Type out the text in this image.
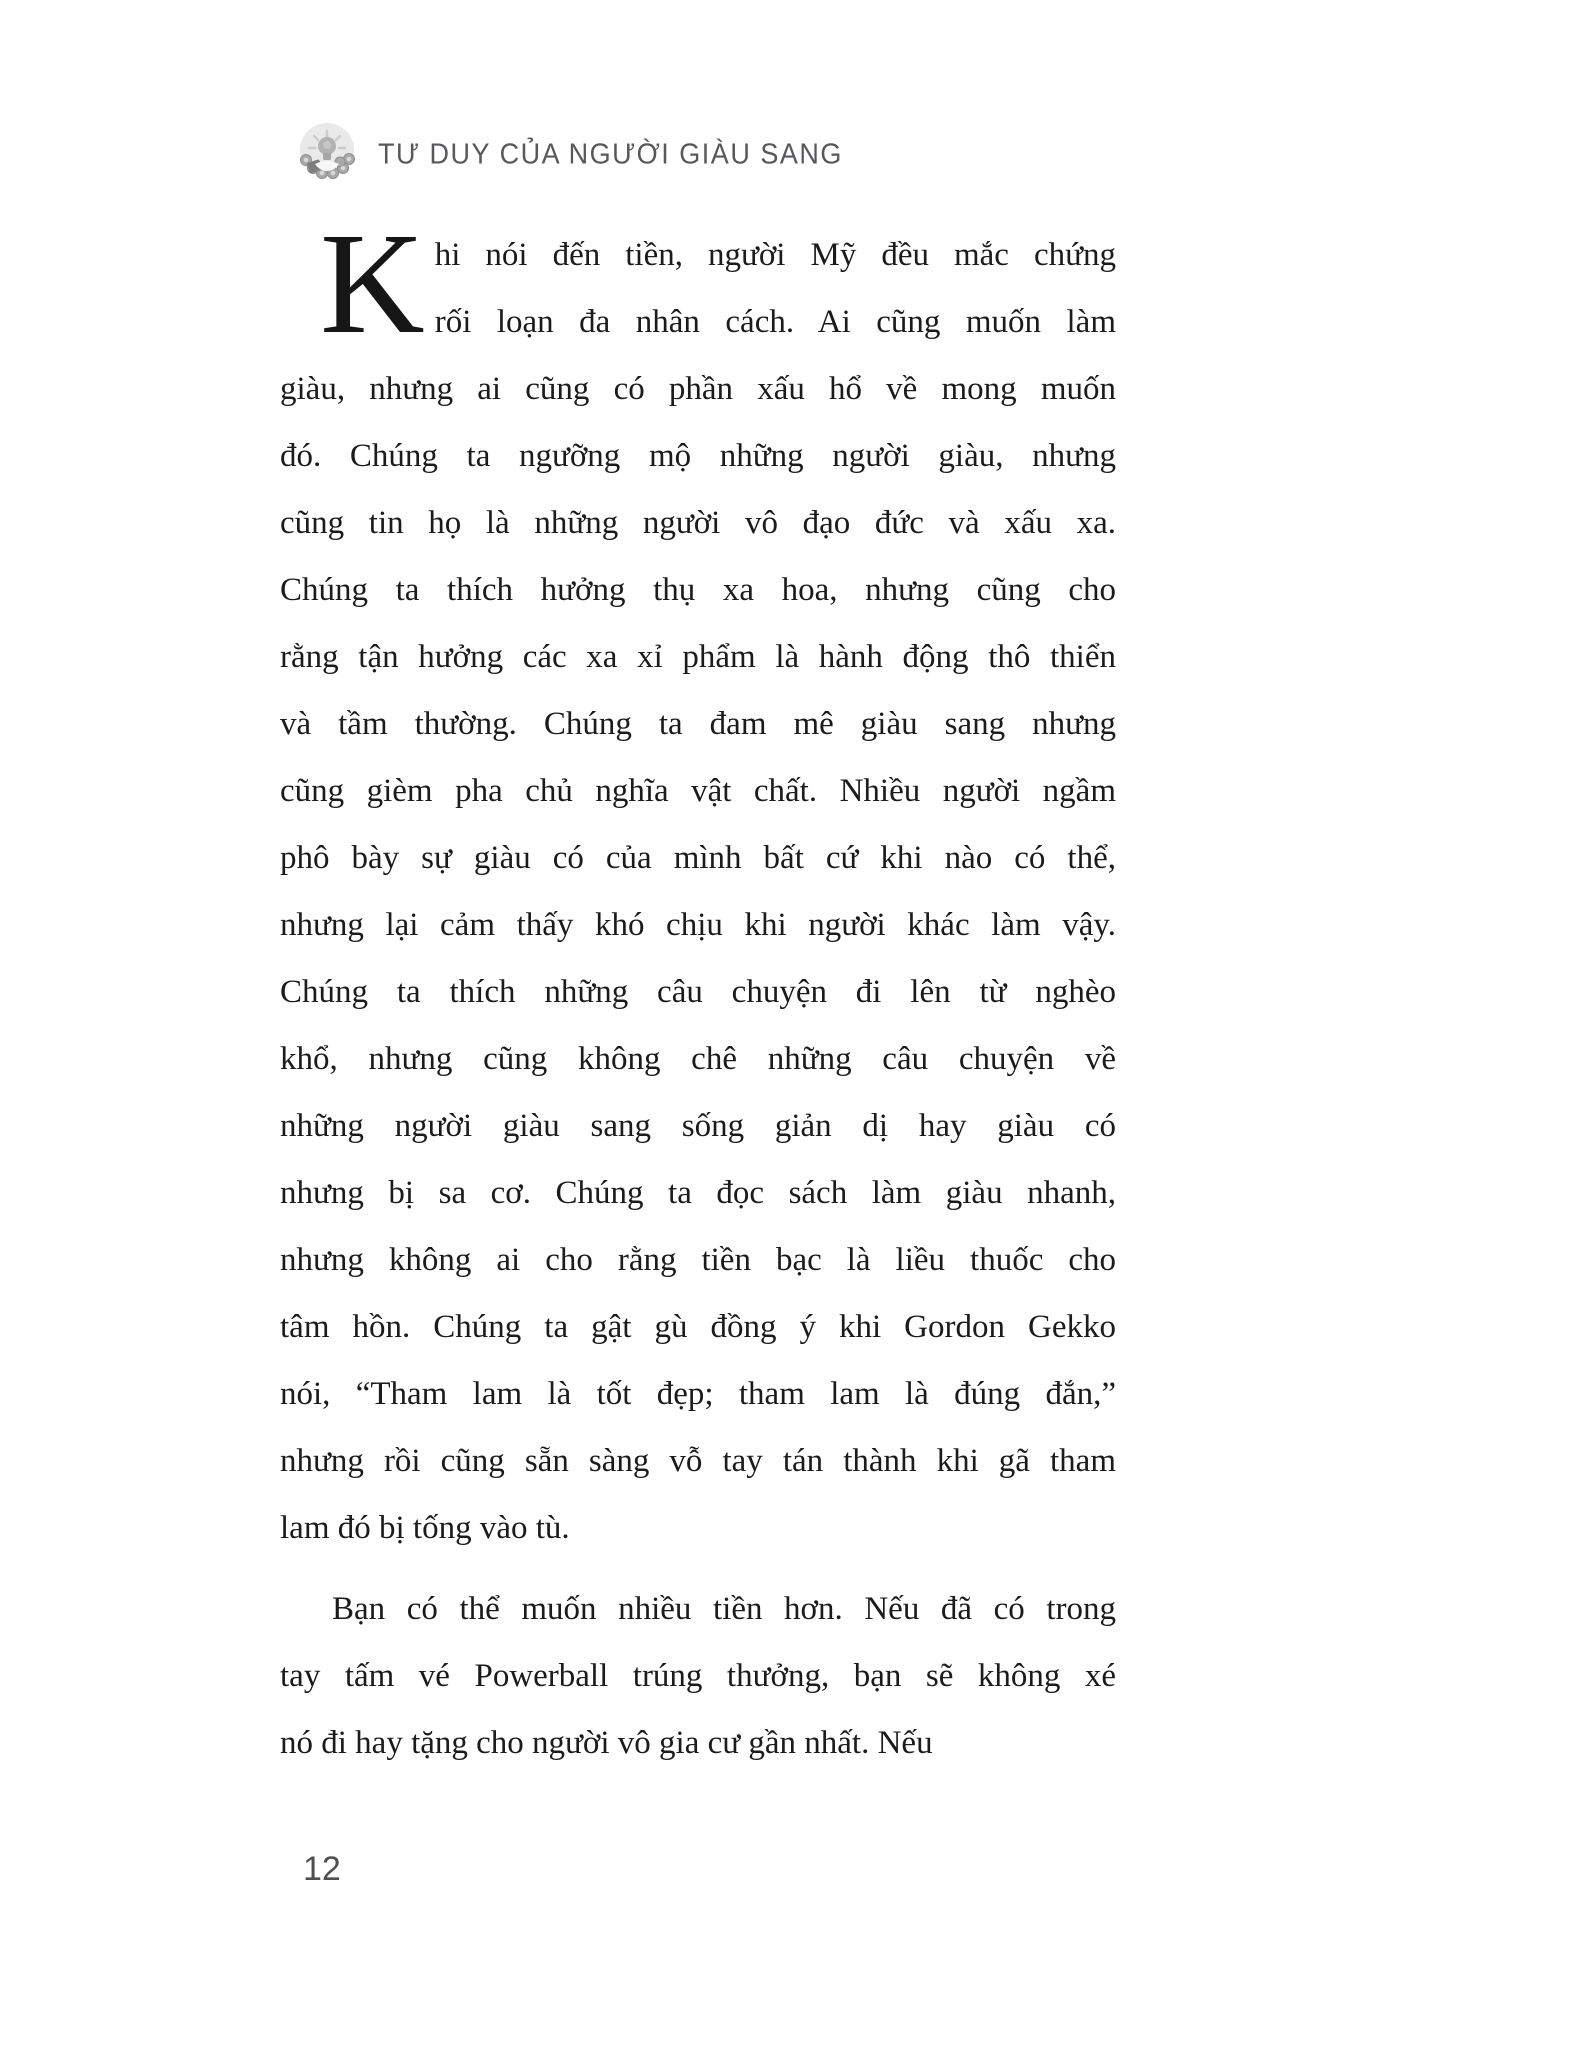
TƯ DUY CỦA NGƯỜI GIÀU SANG
K hi nói đến tiền, người Mỹ đều mắc chứng
rối loạn đa nhân cách. Ai cũng muốn làm
giàu, nhưng ai cũng có phần xấu hổ về mong muốn
đó. Chúng ta ngưỡng mộ những người giàu, nhưng
cũng tin họ là những người vô đạo đức và xấu xa.
Chúng ta thích hưởng thụ xa hoa, nhưng cũng cho
rằng tận hưởng các xa xỉ phẩm là hành động thô thiển
và tầm thường. Chúng ta đam mê giàu sang nhưng
cũng gièm pha chủ nghĩa vật chất. Nhiều người ngầm
phô bày sự giàu có của mình bất cứ khi nào có thể,
nhưng lại cảm thấy khó chịu khi người khác làm vậy.
Chúng ta thích những câu chuyện đi lên từ nghèo
khổ, nhưng cũng không chê những câu chuyện về
những người giàu sang sống giản dị hay giàu có
nhưng bị sa cơ. Chúng ta đọc sách làm giàu nhanh,
nhưng không ai cho rằng tiền bạc là liều thuốc cho
tâm hồn. Chúng ta gật gù đồng ý khi Gordon Gekko
nói, “Tham lam là tốt đẹp; tham lam là đúng đắn,”
nhưng rồi cũng sẵn sàng vỗ tay tán thành khi gã tham
lam đó bị tống vào tù.
Bạn có thể muốn nhiều tiền hơn. Nếu đã có trong
tay tấm vé Powerball trúng thưởng, bạn sẽ không xé
nó đi hay tặng cho người vô gia cư gần nhất. Nếu
12
